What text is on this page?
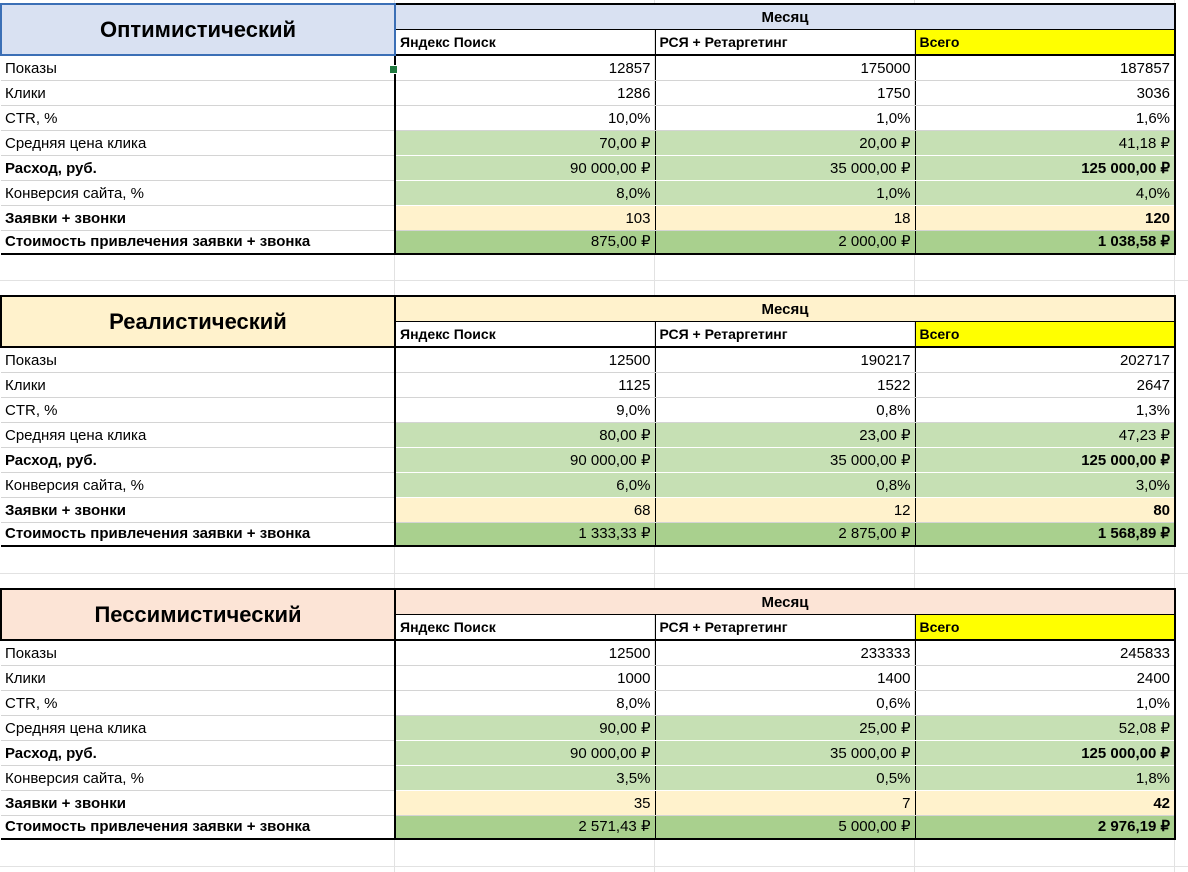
Оптимистический	Месяц		
	Яндекс Поиск	РСЯ + Ретаргетинг	Всего
Показы	12857	175000	187857
Клики	1286	1750	3036
CTR, %	10,0%	1,0%	1,6%
Средняя цена клика	70,00 ₽	20,00 ₽	41,18 ₽
Расход, руб.	90 000,00 ₽	35 000,00 ₽	125 000,00 ₽
Конверсия сайта, %	8,0%	1,0%	4,0%
Заявки + звонки	103	18	120
Стоимость привлечения заявки + звонка	875,00 ₽	2 000,00 ₽	1 038,58 ₽
Реалистический	Месяц		
	Яндекс Поиск	РСЯ + Ретаргетинг	Всего
Показы	12500	190217	202717
Клики	1125	1522	2647
CTR, %	9,0%	0,8%	1,3%
Средняя цена клика	80,00 ₽	23,00 ₽	47,23 ₽
Расход, руб.	90 000,00 ₽	35 000,00 ₽	125 000,00 ₽
Конверсия сайта, %	6,0%	0,8%	3,0%
Заявки + звонки	68	12	80
Стоимость привлечения заявки + звонка	1 333,33 ₽	2 875,00 ₽	1 568,89 ₽
Пессимистический	Месяц		
	Яндекс Поиск	РСЯ + Ретаргетинг	Всего
Показы	12500	233333	245833
Клики	1000	1400	2400
CTR, %	8,0%	0,6%	1,0%
Средняя цена клика	90,00 ₽	25,00 ₽	52,08 ₽
Расход, руб.	90 000,00 ₽	35 000,00 ₽	125 000,00 ₽
Конверсия сайта, %	3,5%	0,5%	1,8%
Заявки + звонки	35	7	42
Стоимость привлечения заявки + звонка	2 571,43 ₽	5 000,00 ₽	2 976,19 ₽
